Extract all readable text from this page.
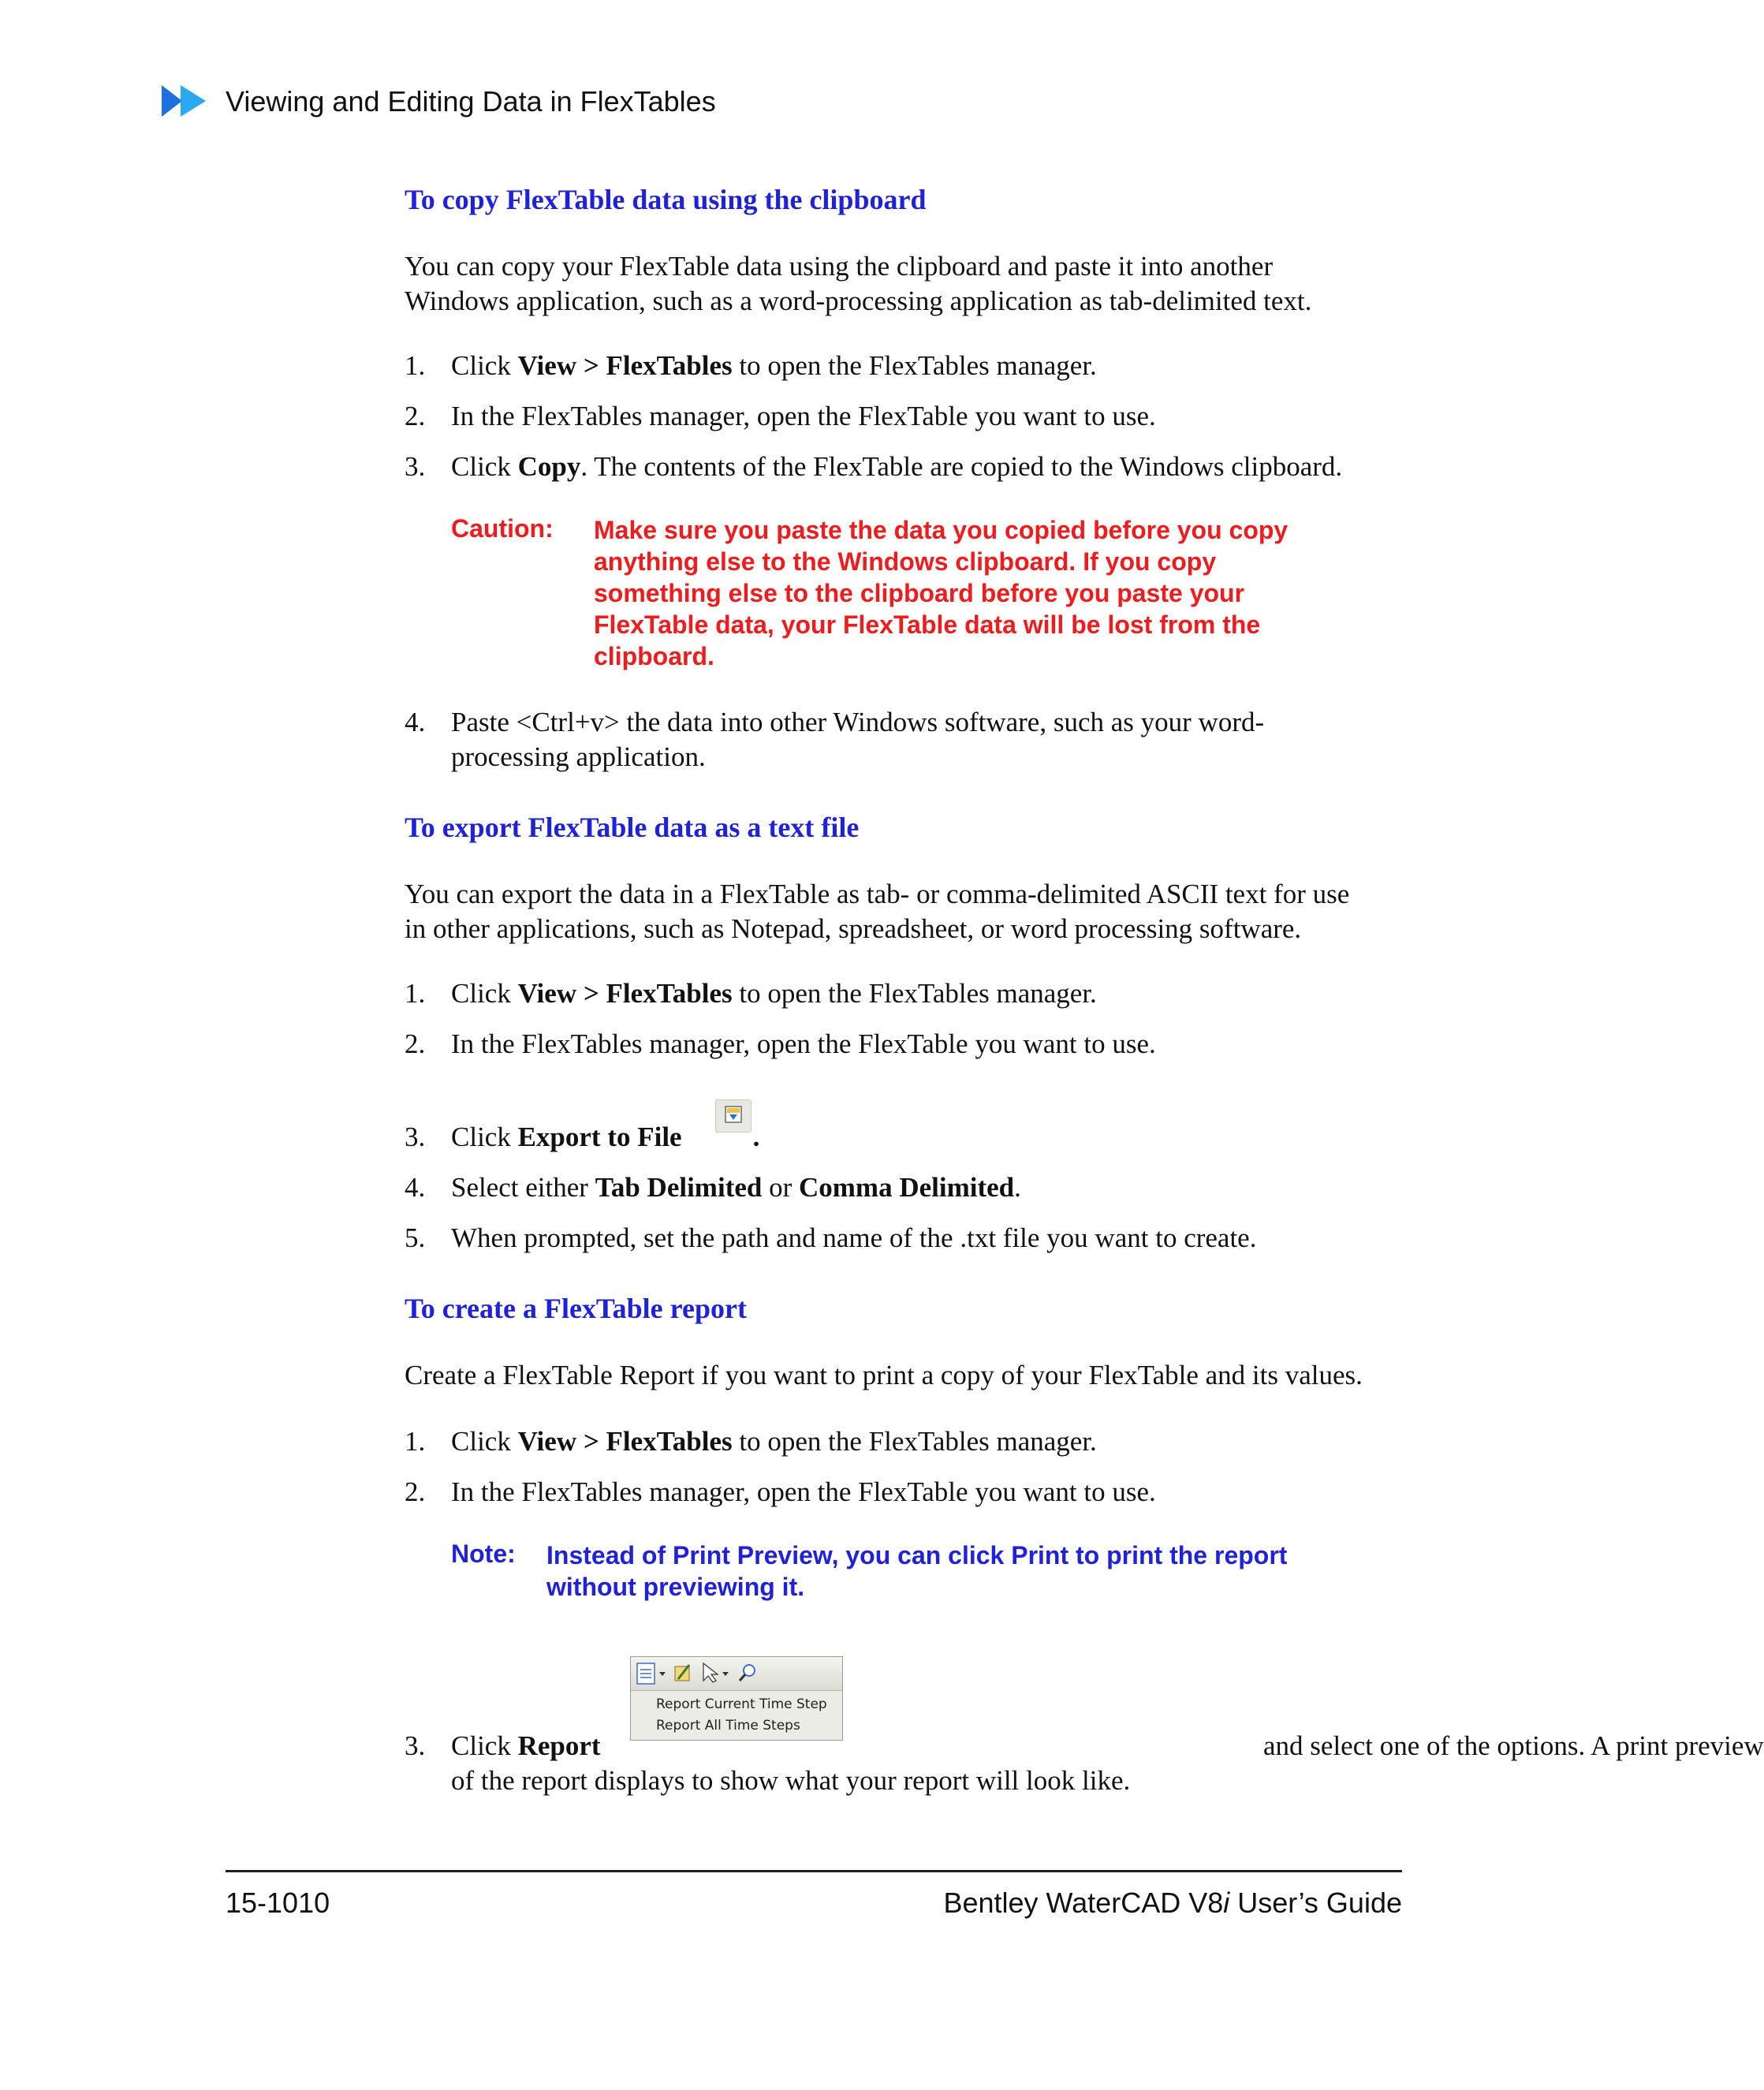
Viewing and Editing Data in FlexTables
To copy FlexTable data using the clipboard
You can copy your FlexTable data using the clipboard and paste it into another
Windows application, such as a word-processing application as tab-delimited text.
1. Click View > FlexTables to open the FlexTables manager.
2. In the FlexTables manager, open the FlexTable you want to use.
3. Click Copy. The contents of the FlexTable are copied to the Windows clipboard.
Caution: Make sure you paste the data you copied before you copy
anything else to the Windows clipboard. If you copy
something else to the clipboard before you paste your
FlexTable data, your FlexTable data will be lost from the
clipboard.
4. Paste <Ctrl+v> the data into other Windows software, such as your word-
processing application.
To export FlexTable data as a text file
You can export the data in a FlexTable as tab- or comma-delimited ASCII text for use
in other applications, such as Notepad, spreadsheet, or word processing software.
1. Click View > FlexTables to open the FlexTables manager.
2. In the FlexTables manager, open the FlexTable you want to use.
3. Click Export to File	.
4. Select either Tab Delimited or Comma Delimited.
5. When prompted, set the path and name of the .txt file you want to create.
To create a FlexTable report
Create a FlexTable Report if you want to print a copy of your FlexTable and its values.
1. Click View > FlexTables to open the FlexTables manager.
2. In the FlexTables manager, open the FlexTable you want to use.
Note: Instead of Print Preview, you can click Print to print the report
without previewing it.
Report Current Time Step
Report All Time Steps
3. Click Report	and select one of the options. A print preview
of the report displays to show what your report will look like.
15-1010	Bentley WaterCAD V8i User’s Guide
